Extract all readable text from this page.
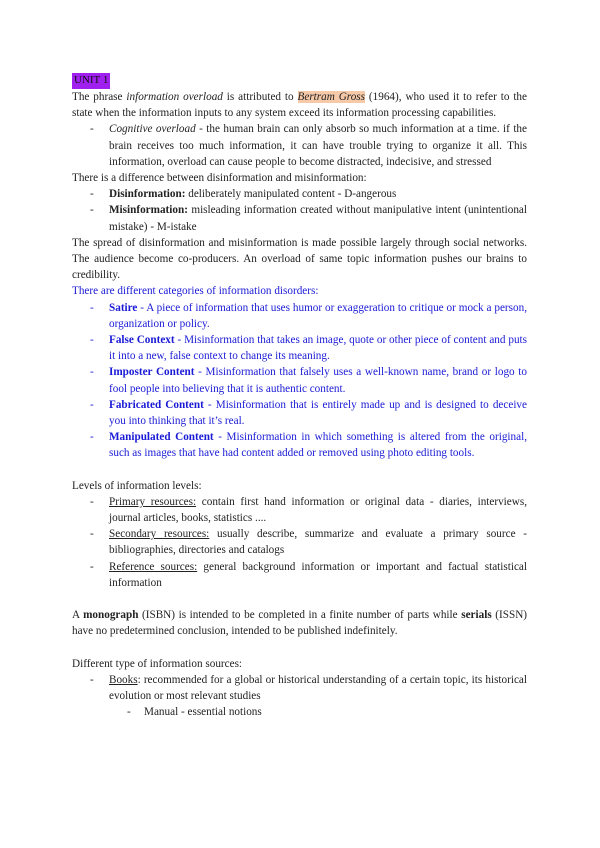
UNIT 1

The phrase information overload is attributed to Bertram Gross (1964), who used it to refer to the state when the information inputs to any system exceed its information processing capabilities.

- Cognitive overload - the human brain can only absorb so much information at a time. if the brain receives too much information, it can have trouble trying to organize it all. This information, overload can cause people to become distracted, indecisive, and stressed

There is a difference between disinformation and misinformation:

- Disinformation: deliberately manipulated content - D-angerous
- Misinformation: misleading information created without manipulative intent (unintentional mistake) - M-istake

The spread of disinformation and misinformation is made possible largely through social networks. The audience become co-producers. An overload of same topic information pushes our brains to credibility.

There are different categories of information disorders:

- Satire - A piece of information that uses humor or exaggeration to critique or mock a person, organization or policy.
- False Context - Misinformation that takes an image, quote or other piece of content and puts it into a new, false context to change its meaning.
- Imposter Content - Misinformation that falsely uses a well-known name, brand or logo to fool people into believing that it is authentic content.
- Fabricated Content - Misinformation that is entirely made up and is designed to deceive you into thinking that it’s real.
- Manipulated Content - Misinformation in which something is altered from the original, such as images that have had content added or removed using photo editing tools.

Levels of information levels:

- Primary resources: contain first hand information or original data - diaries, interviews, journal articles, books, statistics ....
- Secondary resources: usually describe, summarize and evaluate a primary source - bibliographies, directories and catalogs
- Reference sources: general background information or important and factual statistical information

A monograph (ISBN) is intended to be completed in a finite number of parts while serials (ISSN) have no predetermined conclusion, intended to be published indefinitely.

Different type of information sources:

- Books: recommended for a global or historical understanding of a certain topic, its historical evolution or most relevant studies
- Manual - essential notions
